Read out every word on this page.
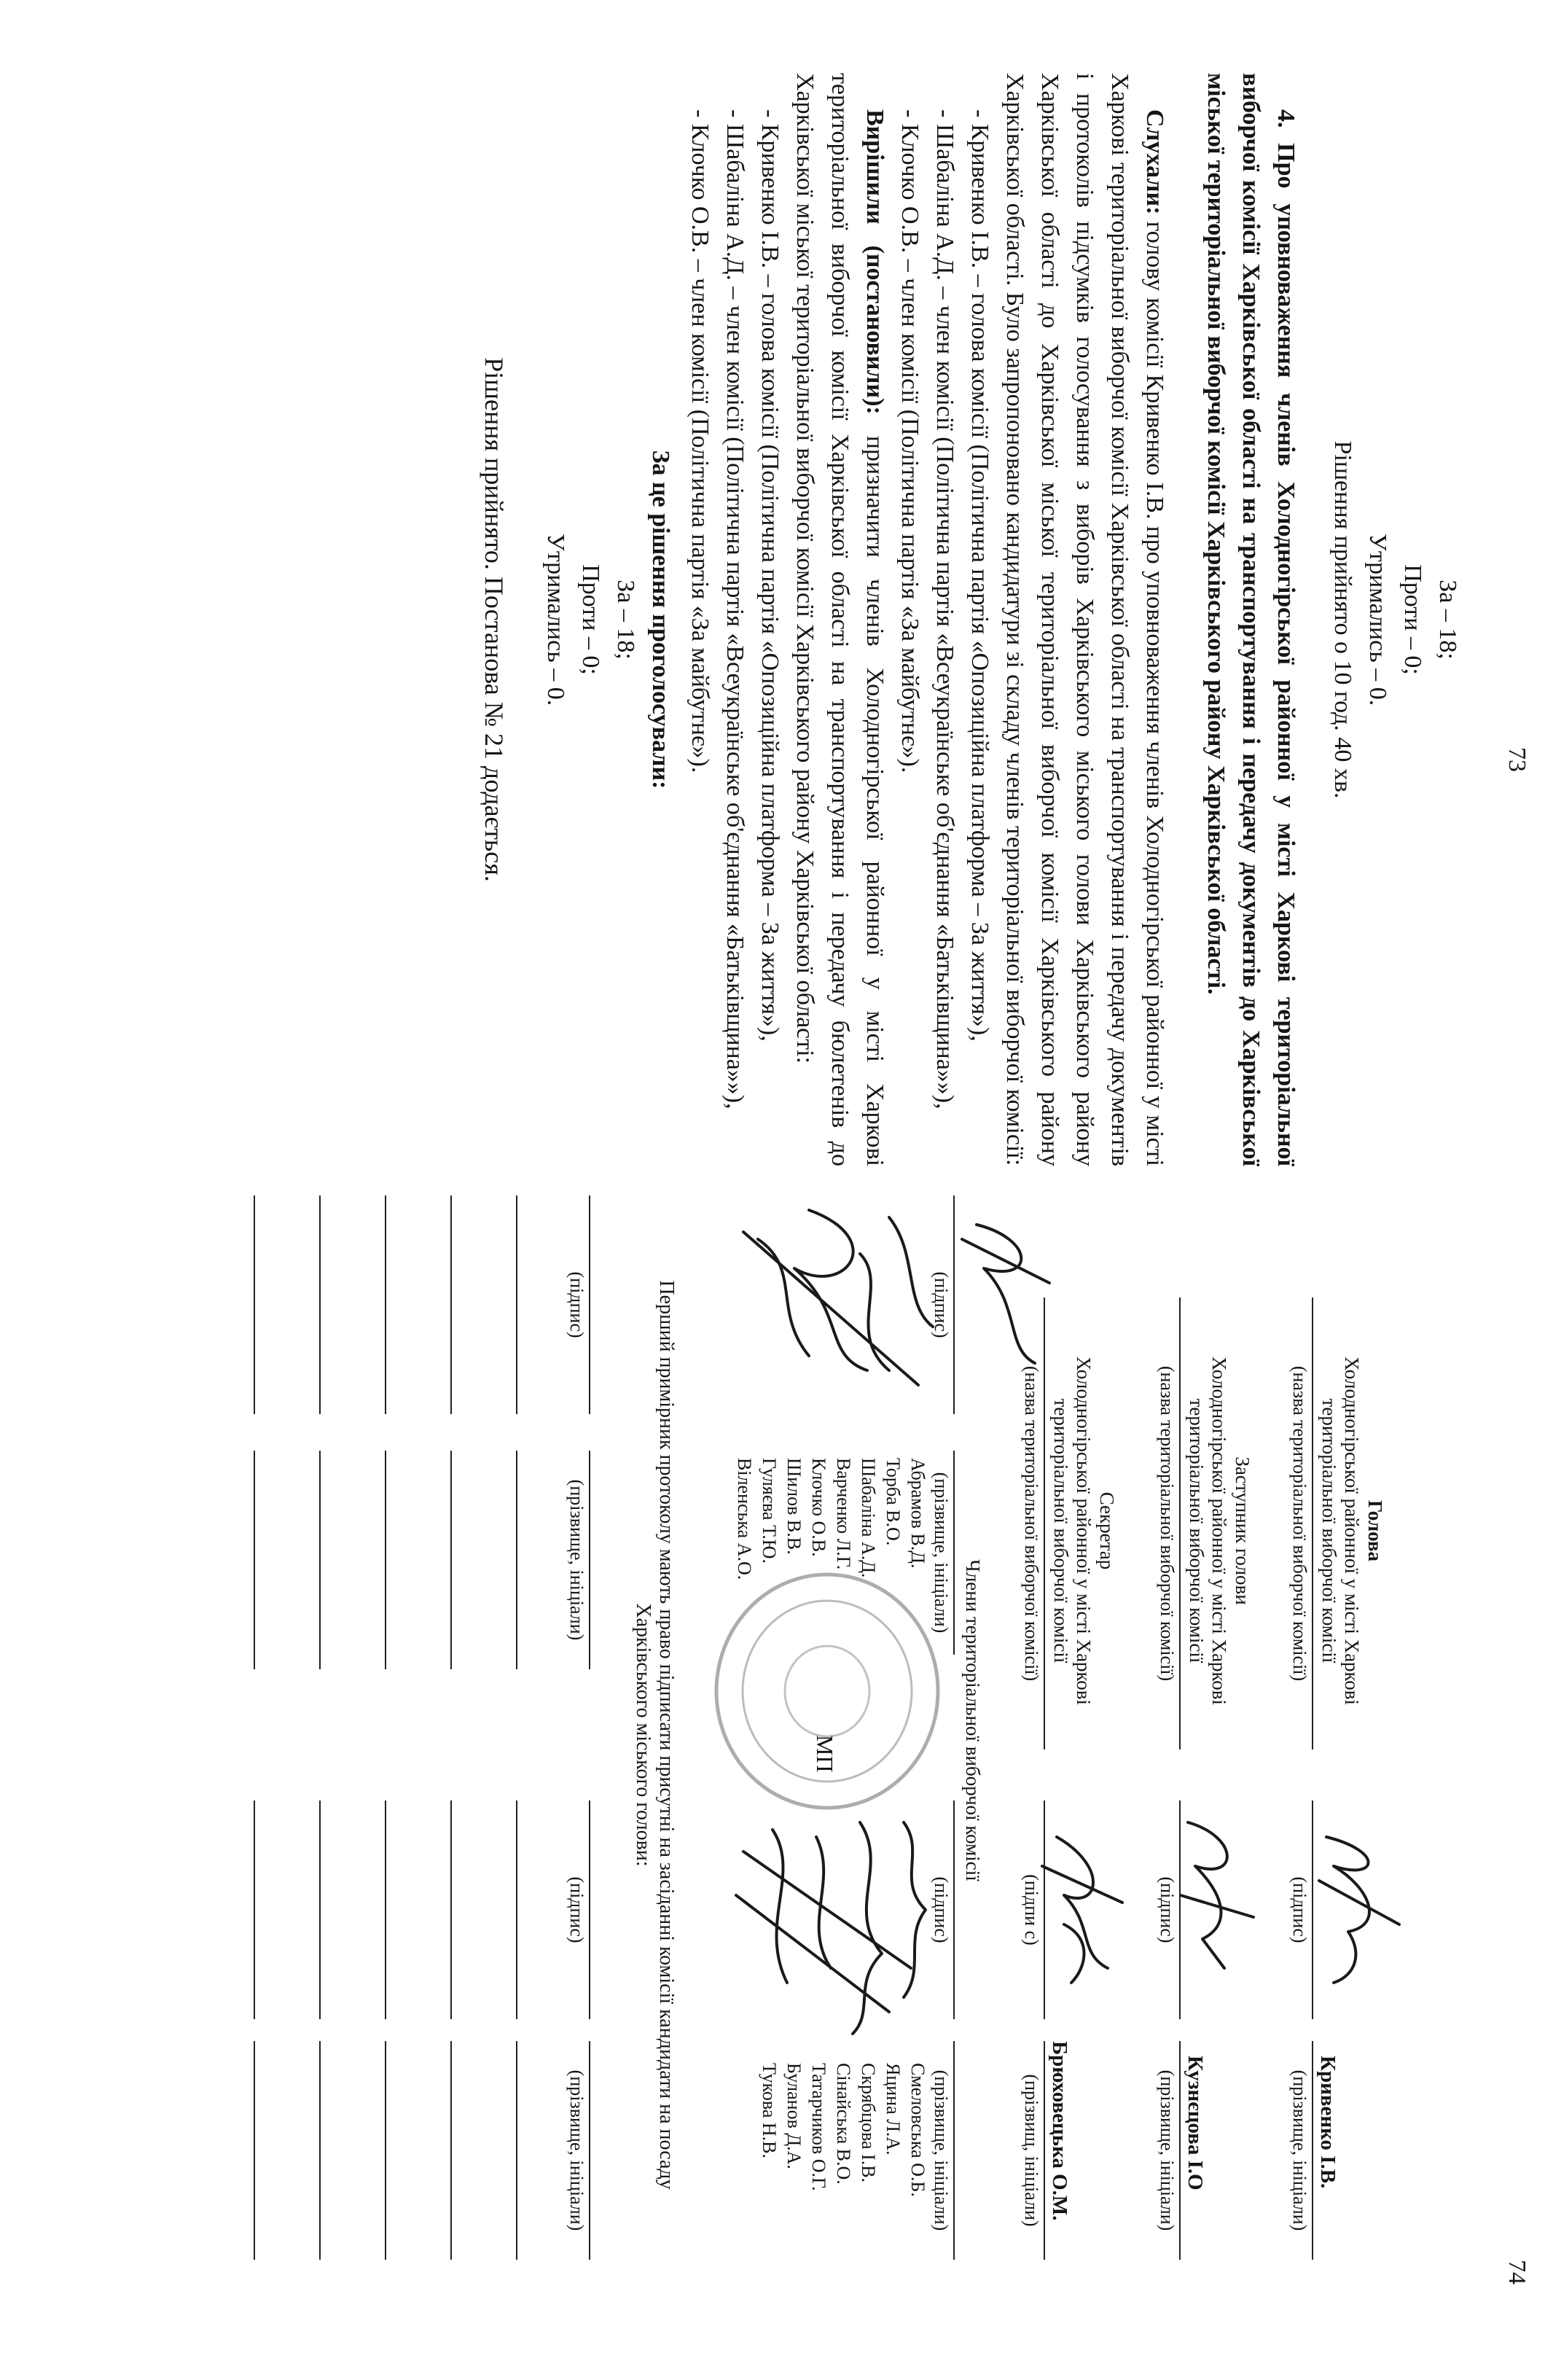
73

За – 18;

Проти – 0;

Утримались – 0.

Рішення прийнято о 10 год. 40 хв.

4. Про уповноваження членів Холодногірської районної у місті Харкові територіальної виборчої комісії Харківської області на транспортування і передачу документів до Харківської міської територіальної виборчої комісії Харківського району Харківської області.

Слухали: голову комісії Кривенко І.В. про уповноваження членів Холодногірської районної у місті Харкові територіальної виборчої комісії Харківської області на транспортування і передачу документів і протоколів підсумків голосування з виборів Харківського міського голови Харківського району Харківської області до Харківської міської територіальної виборчої комісії Харківського району Харківської області. Було запропоновано кандидатури зі складу членів територіальної виборчої комісії:

- Кривенко І.В. – голова комісії (Політична партія «Опозиційна платформа – За життя»),

- Шабаліна А.Д. – член комісії (Політична партія «Всеукраїнське об'єднання «Батьківщина»»),

- Клочко О.В. – член комісії (Політична партія «За майбутнє»).

Вирішили (постановили): призначити членів Холодногірської районної у місті Харкові територіальної виборчої комісії Харківської області на транспортування і передачу бюлетенів до Харківської міської територіальної виборчої комісії Харківського району Харківської області:

- Кривенко І.В. – голова комісії (Політична партія «Опозиційна платформа – За життя»),

- Шабаліна А.Д. – член комісії (Політична партія «Всеукраїнське об'єднання «Батьківщина»»),

- Клочко О.В. – член комісії (Політична партія «За майбутнє»).

За це рішення проголосували:

За – 18;

Проти – 0;

Утримались – 0.

Рішення прийнято. Постанова № 21 додається.

74
Голова
Холодногірської районної у місті Харкові територіальної виборчої комісії
(назва територіальної виборчої комісії)
(підпис)
Кривенко І.В.
(прізвище, ініціали)
Заступник голови
Холодногірської районної у місті Харкові територіальної виборчої комісії
(назва територіальної виборчої комісії)
(підпис)
Кузнєцова І.О
(прізвище, ініціали)
Секретар
Холодногірської районної у місті Харкові територіальної виборчої комісії
(назва територіальної виборчої комісії)
(підпи с)
Брюховецька О.М.
(прізвищ, ініціали)
Члени територіальної виборчої комісії
(підпис)
(прізвище, ініціали)
(підпис)
(прізвище, ініціали)
Абрамов В.Д.
Торба В.О.
Шабаліна А.Д.
Варченко Л.Г.
Клочко О.В.
Шилов В.В.
Гуляєва Т.Ю.
Віленська А.О.
Смеловська О.Б.
Яцина Л.А.
Скрябцова І.В.
Сінайська В.О.
Татарчиков О.Г.
Буланов Д.А.
Тукова Н.В.
МП
Перший примірник протоколу мають право підписати присутні на засіданні комісії кандидати на посаду Харківського міського голови:
(підпис)
(прізвище, ініціали)
(підпис)
(прізвище, ініціали)
